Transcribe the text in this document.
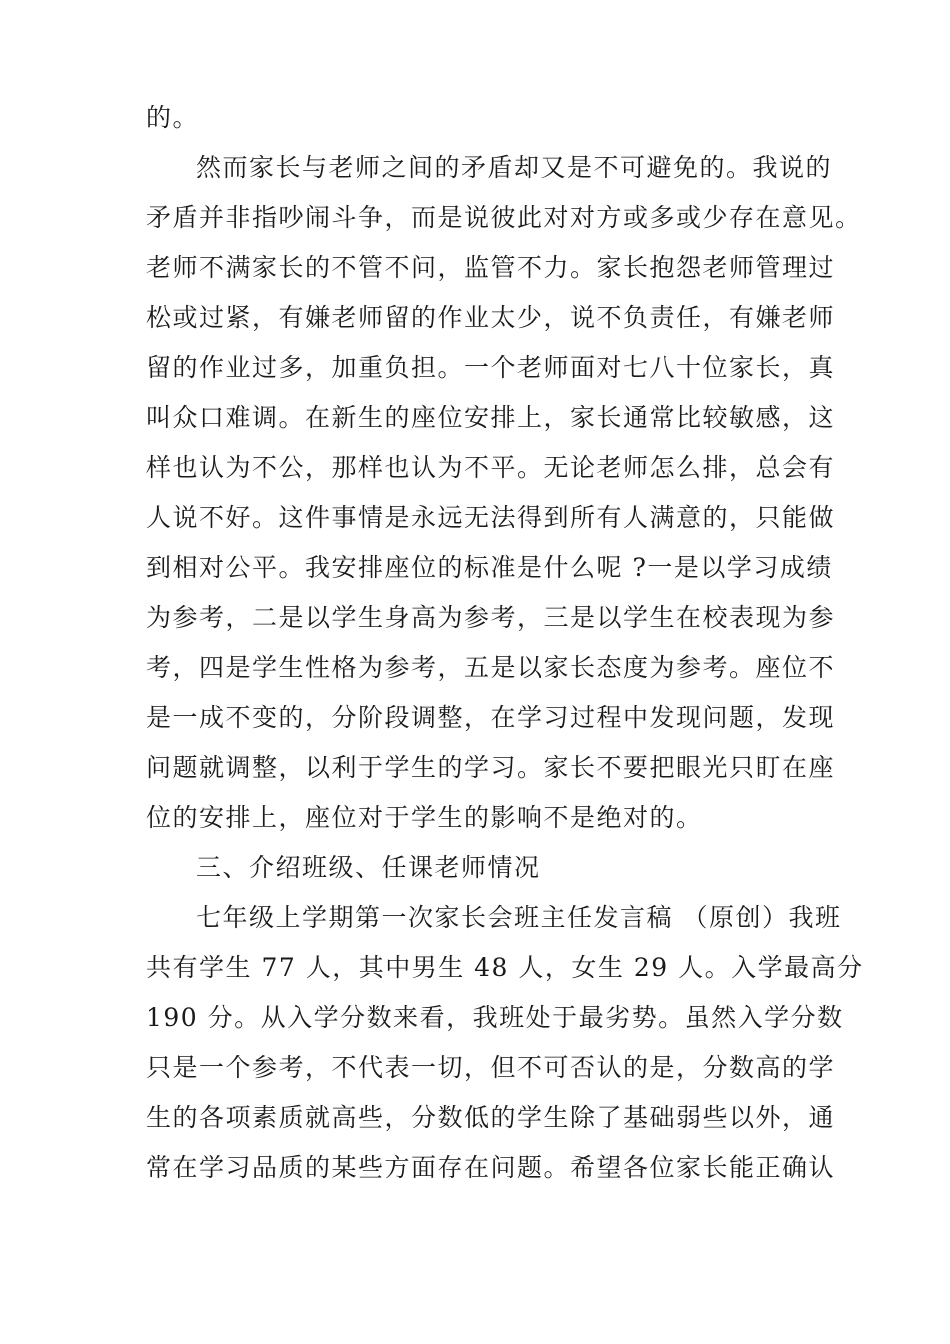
的。
然而家长与老师之间的矛盾却又是不可避免的。我说的
矛盾并非指吵闹斗争，而是说彼此对对方或多或少存在意见。
老师不满家长的不管不问，监管不力。家长抱怨老师管理过
松或过紧，有嫌老师留的作业太少，说不负责任，有嫌老师
留的作业过多，加重负担。一个老师面对七八十位家长，真
叫众口难调。在新生的座位安排上，家长通常比较敏感，这
样也认为不公，那样也认为不平。无论老师怎么排，总会有
人说不好。这件事情是永远无法得到所有人满意的，只能做
到相对公平。我安排座位的标准是什么呢 ?一是以学习成绩
为参考，二是以学生身高为参考，三是以学生在校表现为参
考，四是学生性格为参考，五是以家长态度为参考。座位不
是一成不变的，分阶段调整，在学习过程中发现问题，发现
问题就调整，以利于学生的学习。家长不要把眼光只盯在座
位的安排上，座位对于学生的影响不是绝对的。
三、介绍班级、任课老师情况
七年级上学期第一次家长会班主任发言稿 （原创）我班
共有学生 77 人，其中男生 48 人，女生 29 人。入学最高分
190 分。从入学分数来看，我班处于最劣势。虽然入学分数
只是一个参考，不代表一切，但不可否认的是，分数高的学
生的各项素质就高些，分数低的学生除了基础弱些以外，通
常在学习品质的某些方面存在问题。希望各位家长能正确认
